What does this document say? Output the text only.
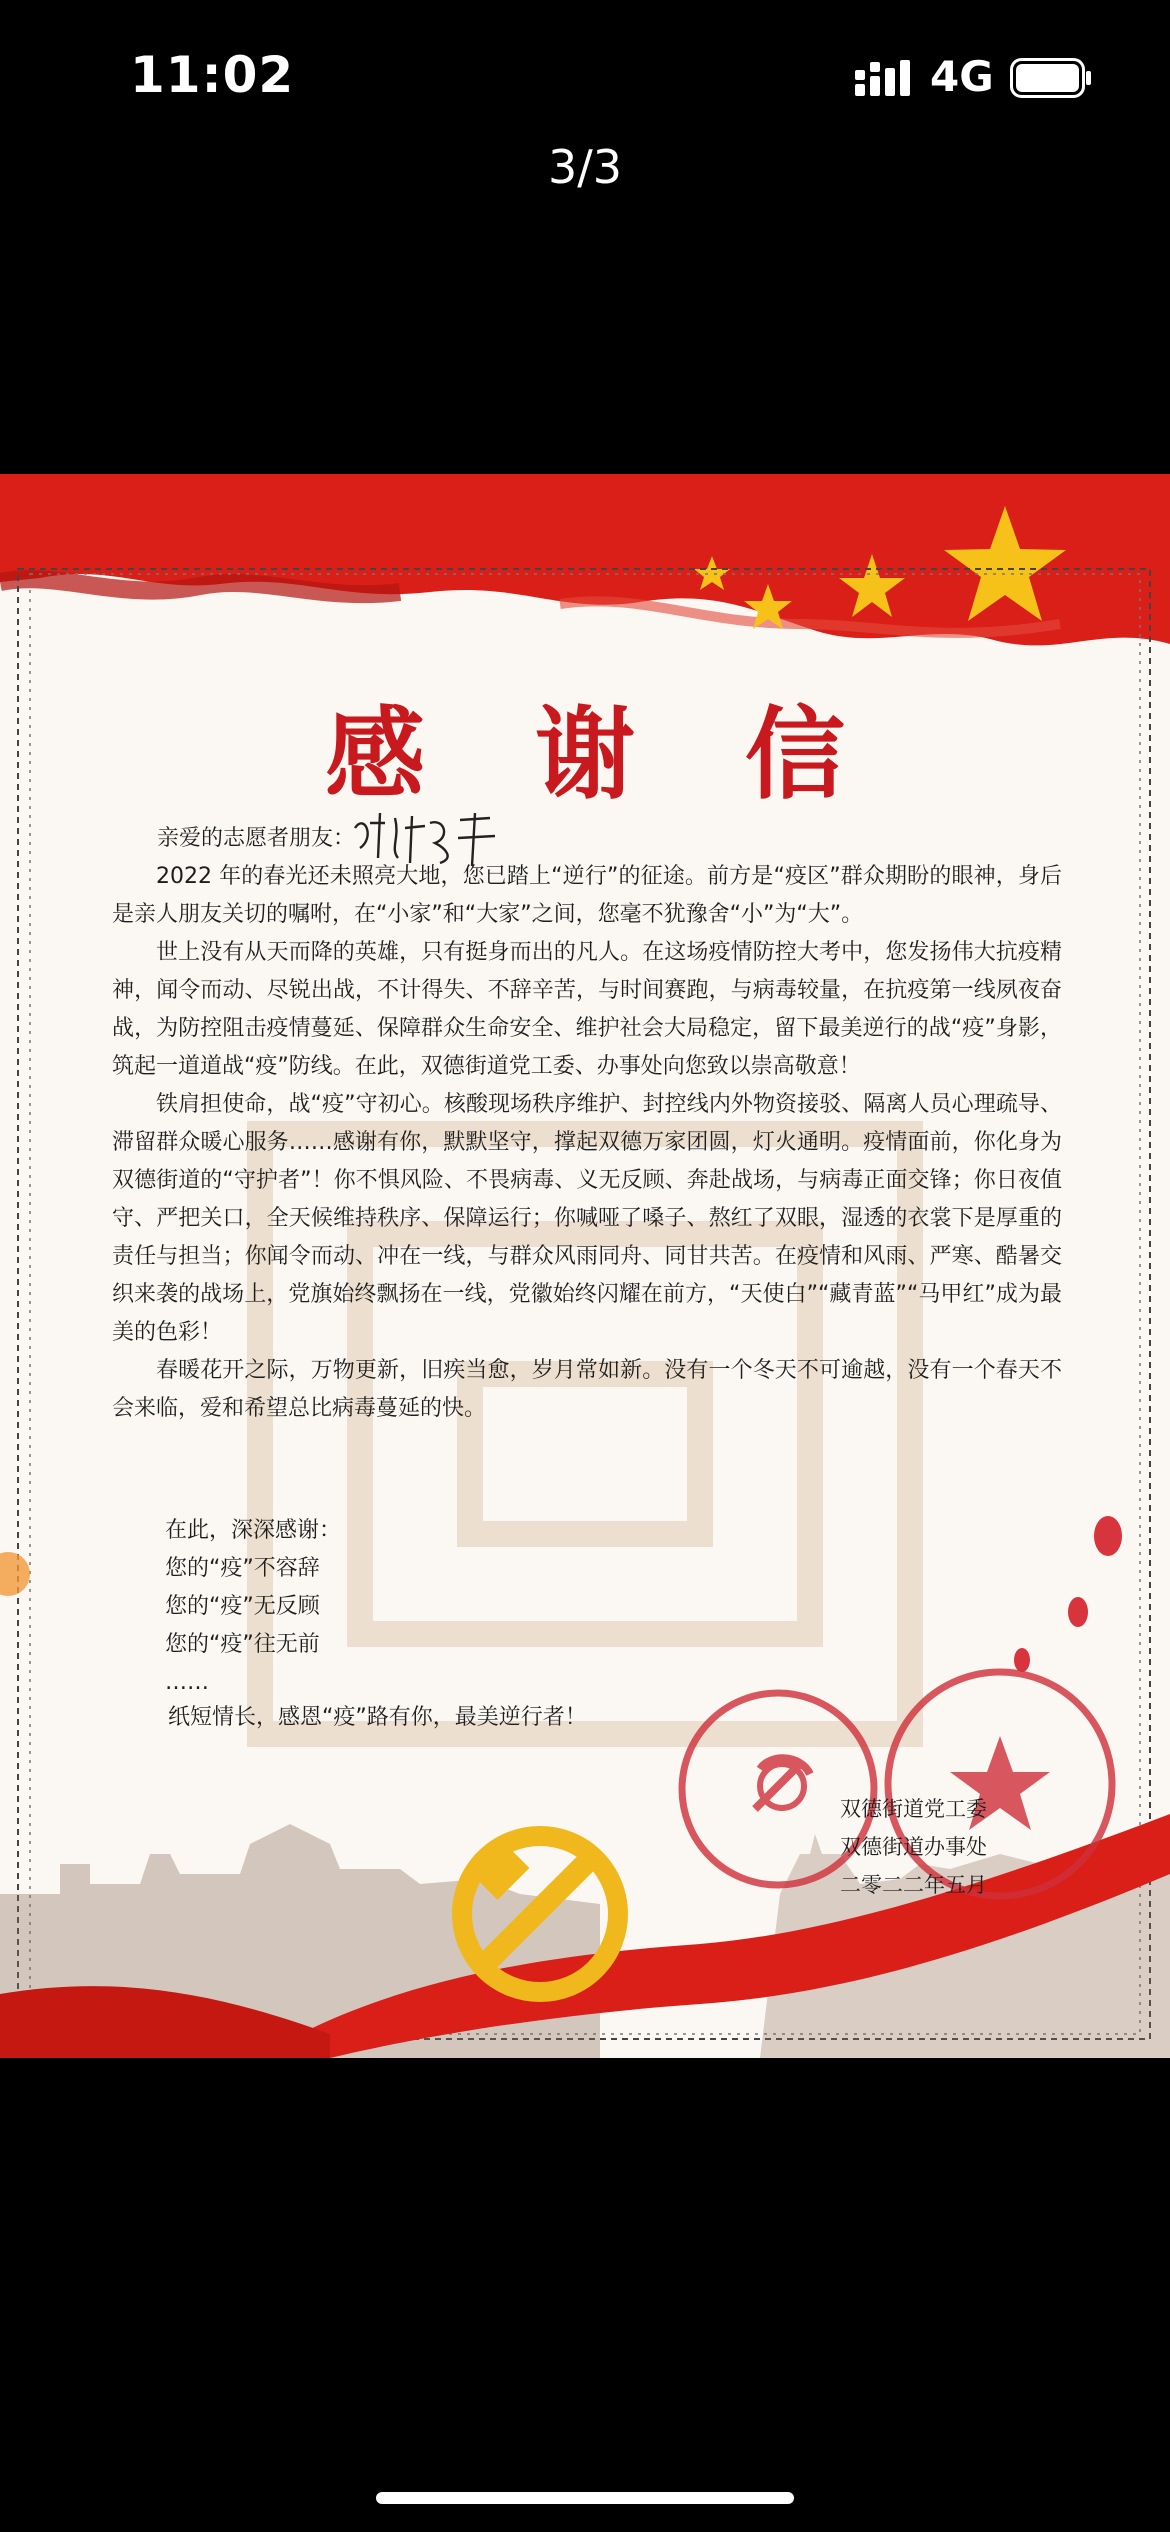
11:02	4G
3/3
感谢信

亲爱的志愿者朋友：

2022 年的春光还未照亮大地，您已踏上“逆行”的征途。前方是“疫区”群众期盼的眼神，身后是亲人朋友关切的嘱咐，在“小家”和“大家”之间，您毫不犹豫舍“小”为“大”。

世上没有从天而降的英雄，只有挺身而出的凡人。在这场疫情防控大考中，您发扬伟大抗疫精神，闻令而动、尽锐出战，不计得失、不辞辛苦，与时间赛跑，与病毒较量，在抗疫第一线夙夜奋战，为防控阻击疫情蔓延、保障群众生命安全、维护社会大局稳定，留下最美逆行的战“疫”身影，筑起一道道战“疫”防线。在此，双德街道党工委、办事处向您致以崇高敬意！

铁肩担使命，战“疫”守初心。核酸现场秩序维护、封控线内外物资接驳、隔离人员心理疏导、滞留群众暖心服务……感谢有你，默默坚守，撑起双德万家团圆，灯火通明。疫情面前，你化身为双德街道的“守护者”！你不惧风险、不畏病毒、义无反顾、奔赴战场，与病毒正面交锋；你日夜值守、严把关口，全天候维持秩序、保障运行；你喊哑了嗓子、熬红了双眼，湿透的衣裳下是厚重的责任与担当；你闻令而动、冲在一线，与群众风雨同舟、同甘共苦。在疫情和风雨、严寒、酷暑交织来袭的战场上，党旗始终飘扬在一线，党徽始终闪耀在前方，“天使白”“藏青蓝”“马甲红”成为最美的色彩！

春暖花开之际，万物更新，旧疾当愈，岁月常如新。没有一个冬天不可逾越，没有一个春天不会来临，爱和希望总比病毒蔓延的快。

在此，深深感谢：
您的“疫”不容辞
您的“疫”无反顾
您的“疫”往无前
……
纸短情长，感恩“疫”路有你，最美逆行者！
双德街道党工委
双德街道办事处
二零二二年五月
